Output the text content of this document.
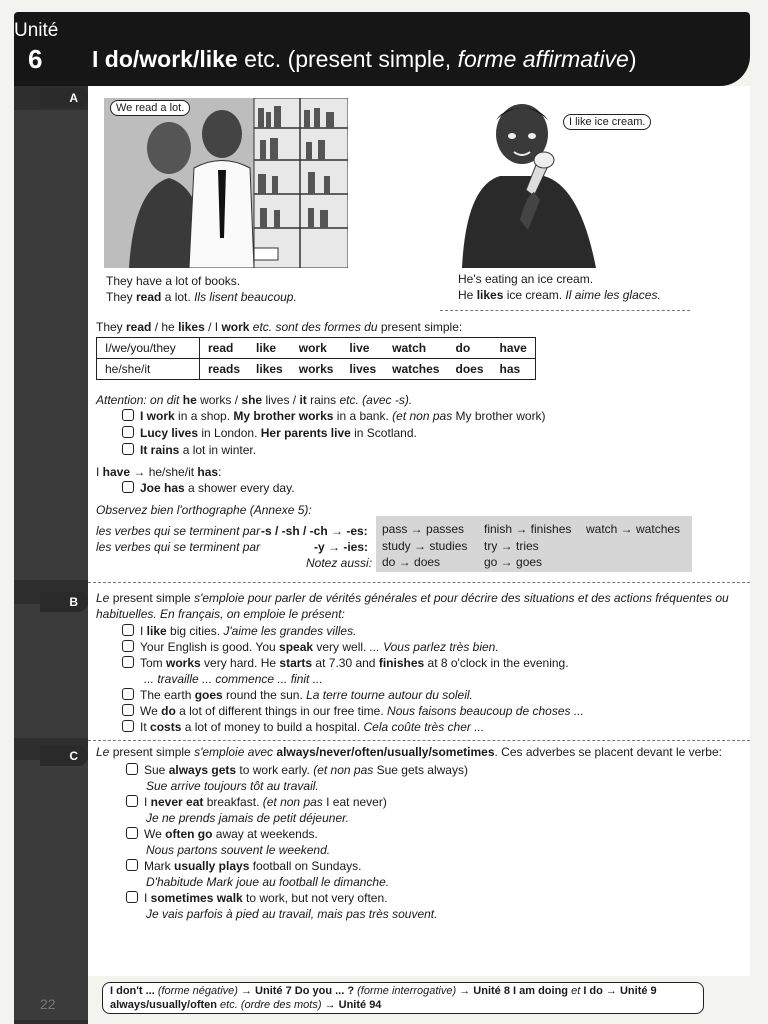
Unité
6 I do/work/like etc. (present simple, forme affirmative)
A
B
C
We read a lot.
I like ice cream.
They have a lot of books.
They read a lot. Ils lisent beaucoup.
He's eating an ice cream.
He likes ice cream. Il aime les glaces.
They read / he likes / I work etc. sont des formes du present simple:
I/we/you/they	read	like	work	live	watch	do	have
he/she/it	reads	likes	works	lives	watches	does	has
Attention: on dit he works / she lives / it rains etc. (avec -s).
I work in a shop. My brother works in a bank. (et non pas My brother work)
Lucy lives in London. Her parents live in Scotland.
It rains a lot in winter.
I have → he/she/it has:
Joe has a shower every day.
Observez bien l'orthographe (Annexe 5):
les verbes qui se terminent par -s / -sh / -ch → -es:
les verbes qui se terminent par	-y → -ies:
Notez aussi:
pass → passes finish → finishes watch → watches
study → studies try → tries
do → does	go → goes
Le present simple s'emploie pour parler de vérités générales et pour décrire des situations et des actions fréquentes ou
habituelles. En français, on emploie le présent:
I like big cities. J'aime les grandes villes.
Your English is good. You speak very well. ... Vous parlez très bien.
Tom works very hard. He starts at 7.30 and finishes at 8 o'clock in the evening.
... travaille ... commence ... finit ...
The earth goes round the sun. La terre tourne autour du soleil.
We do a lot of different things in our free time. Nous faisons beaucoup de choses ...
It costs a lot of money to build a hospital. Cela coûte très cher ...
Le present simple s'emploie avec always/never/often/usually/sometimes. Ces adverbes se placent devant le verbe:
Sue always gets to work early. (et non pas Sue gets always)
Sue arrive toujours tôt au travail.
I never eat breakfast. (et non pas I eat never)
Je ne prends jamais de petit déjeuner.
We often go away at weekends.
Nous partons souvent le weekend.
Mark usually plays football on Sundays.
D'habitude Mark joue au football le dimanche.
I sometimes walk to work, but not very often.
Je vais parfois à pied au travail, mais pas très souvent.
I don't ... (forme négative) → Unité 7 Do you ... ? (forme interrogative) → Unité 8 I am doing et I do → Unité 9
always/usually/often etc. (ordre des mots) → Unité 94
22
